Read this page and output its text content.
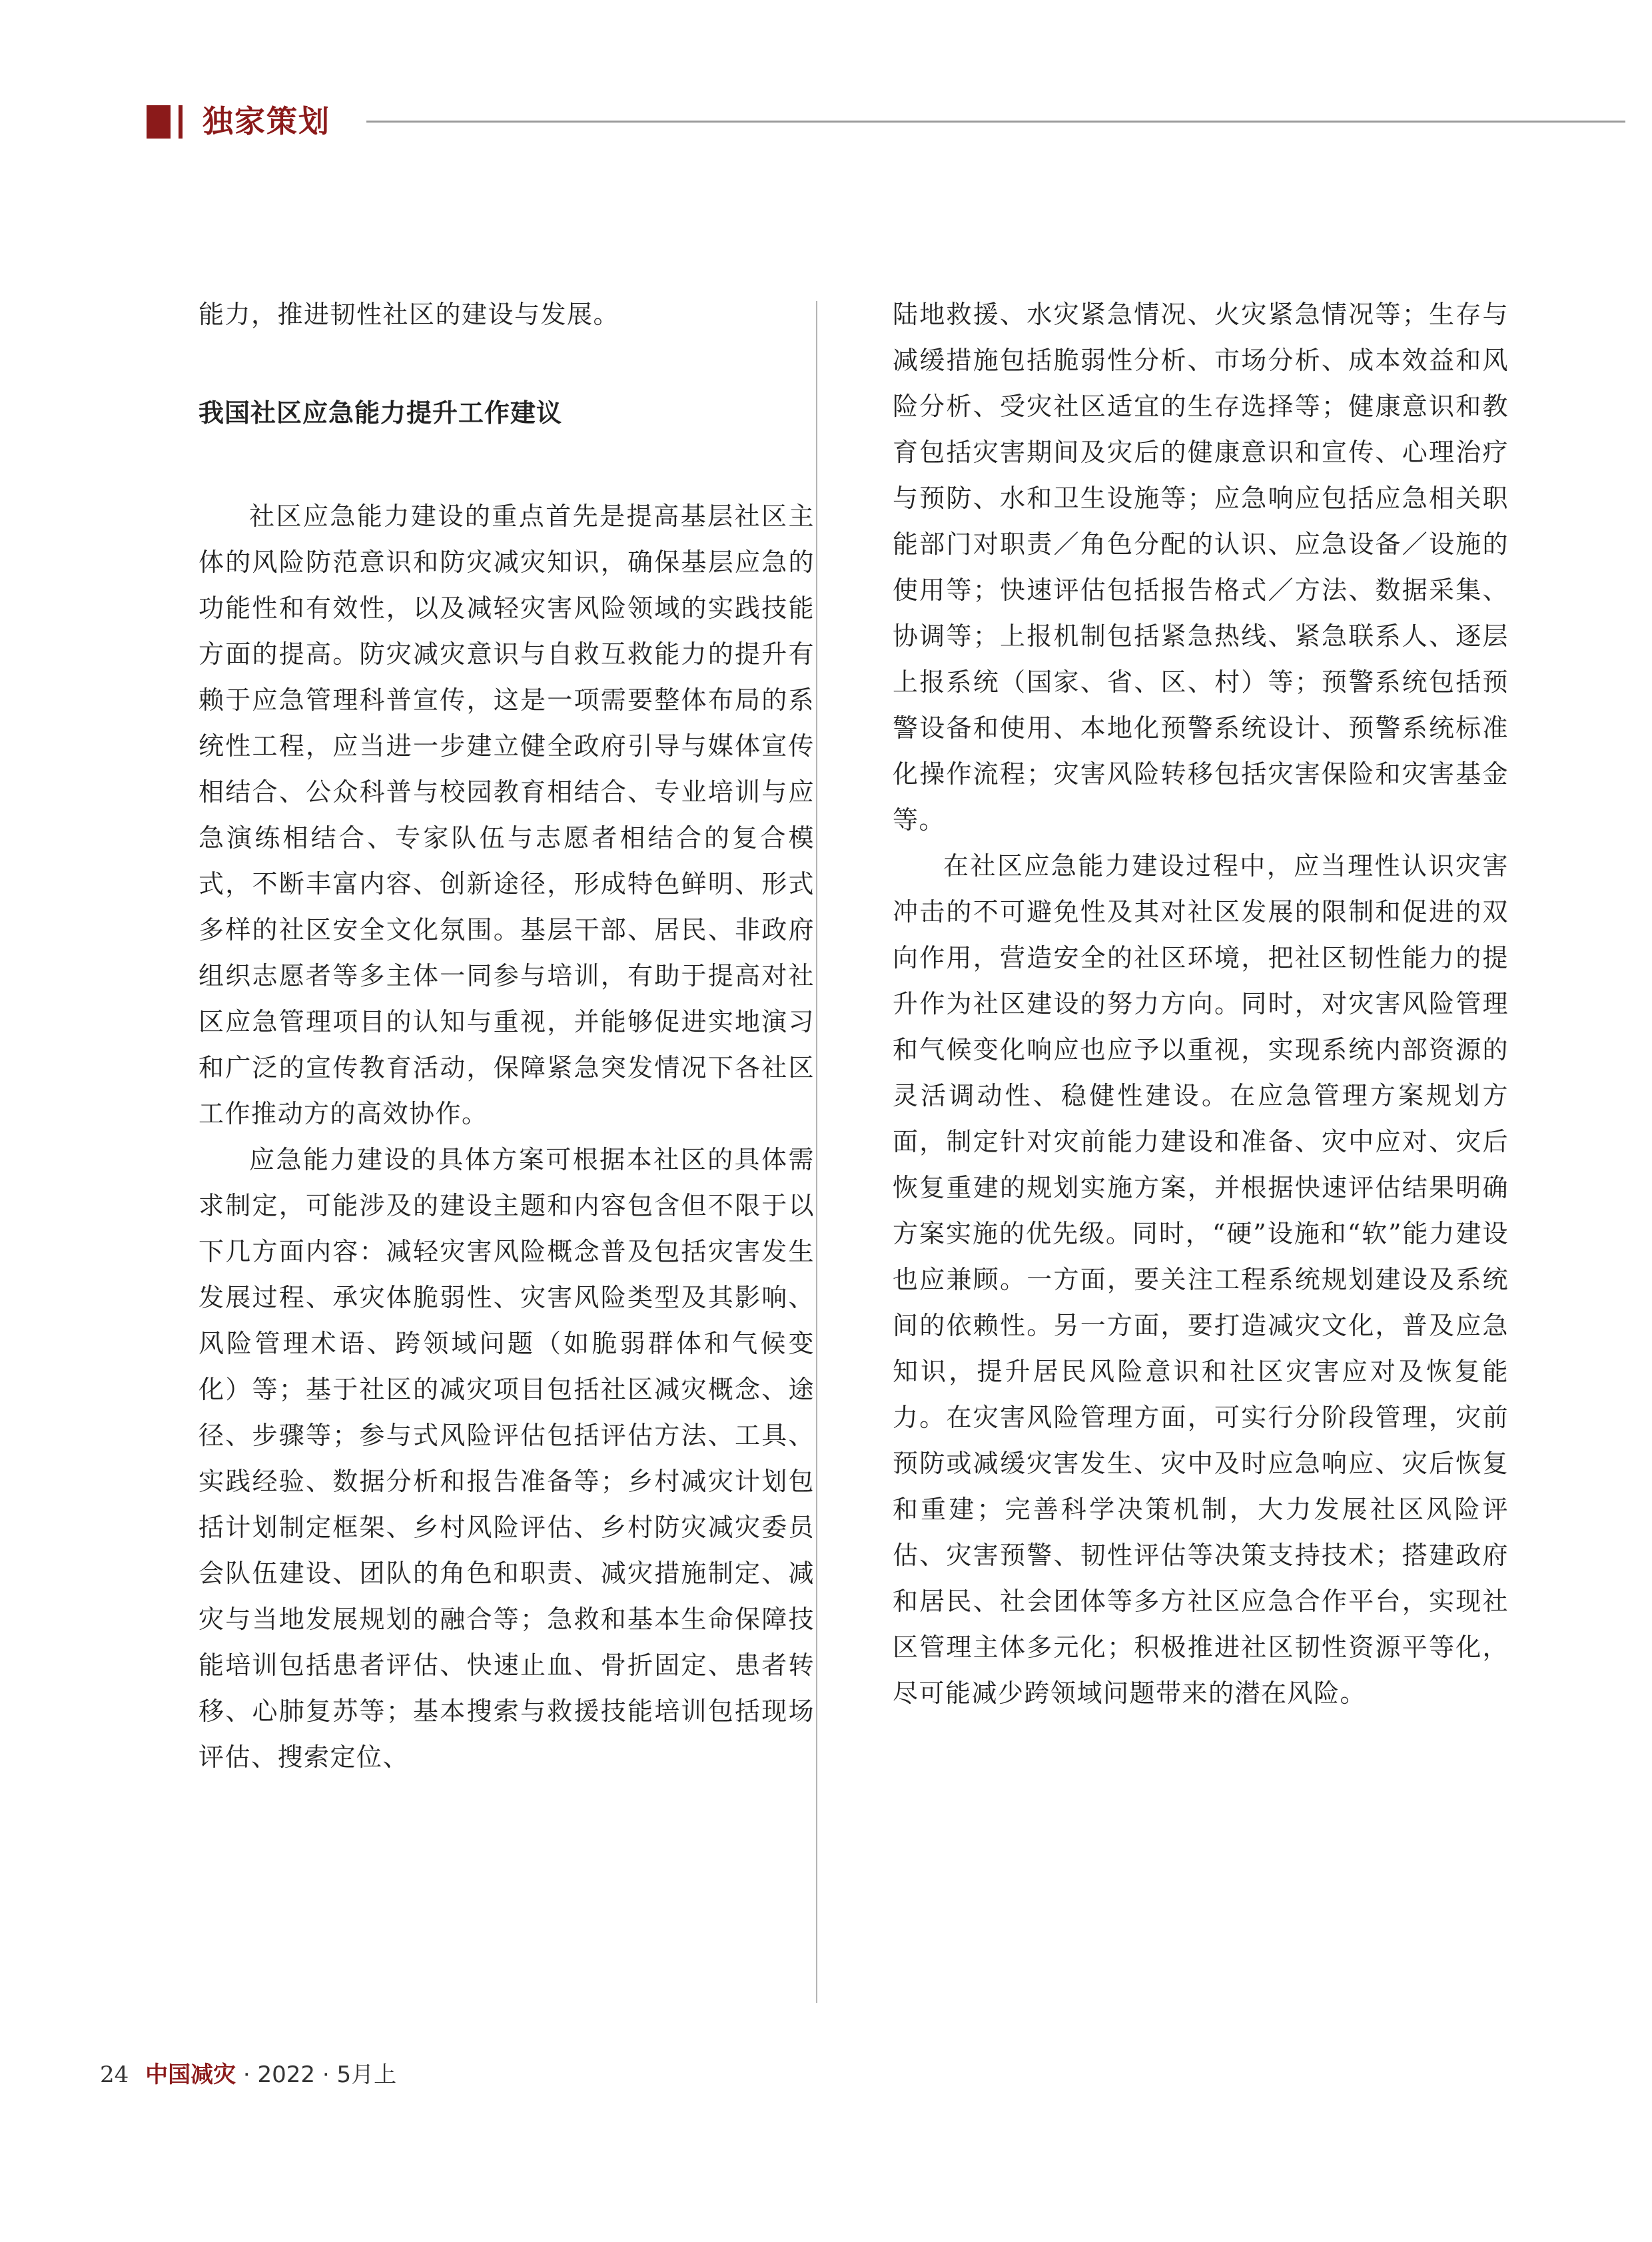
独家策划

能力，推进韧性社区的建设与发展。

我国社区应急能力提升工作建议

社区应急能力建设的重点首先是提高基层社区主体的风险防范意识和防灾减灾知识，确保基层应急的功能性和有效性，以及减轻灾害风险领域的实践技能方面的提高。防灾减灾意识与自救互救能力的提升有赖于应急管理科普宣传，这是一项需要整体布局的系统性工程，应当进一步建立健全政府引导与媒体宣传相结合、公众科普与校园教育相结合、专业培训与应急演练相结合、专家队伍与志愿者相结合的复合模式，不断丰富内容、创新途径，形成特色鲜明、形式多样的社区安全文化氛围。基层干部、居民、非政府组织志愿者等多主体一同参与培训，有助于提高对社区应急管理项目的认知与重视，并能够促进实地演习和广泛的宣传教育活动，保障紧急突发情况下各社区工作推动方的高效协作。

应急能力建设的具体方案可根据本社区的具体需求制定，可能涉及的建设主题和内容包含但不限于以下几方面内容：减轻灾害风险概念普及包括灾害发生发展过程、承灾体脆弱性、灾害风险类型及其影响、风险管理术语、跨领域问题（如脆弱群体和气候变化）等；基于社区的减灾项目包括社区减灾概念、途径、步骤等；参与式风险评估包括评估方法、工具、实践经验、数据分析和报告准备等；乡村减灾计划包括计划制定框架、乡村风险评估、乡村防灾减灾委员会队伍建设、团队的角色和职责、减灾措施制定、减灾与当地发展规划的融合等；急救和基本生命保障技能培训包括患者评估、快速止血、骨折固定、患者转移、心肺复苏等；基本搜索与救援技能培训包括现场评估、搜索定位、

陆地救援、水灾紧急情况、火灾紧急情况等；生存与减缓措施包括脆弱性分析、市场分析、成本效益和风险分析、受灾社区适宜的生存选择等；健康意识和教育包括灾害期间及灾后的健康意识和宣传、心理治疗与预防、水和卫生设施等；应急响应包括应急相关职能部门对职责／角色分配的认识、应急设备／设施的使用等；快速评估包括报告格式／方法、数据采集、协调等；上报机制包括紧急热线、紧急联系人、逐层上报系统（国家、省、区、村）等；预警系统包括预警设备和使用、本地化预警系统设计、预警系统标准化操作流程；灾害风险转移包括灾害保险和灾害基金等。

在社区应急能力建设过程中，应当理性认识灾害冲击的不可避免性及其对社区发展的限制和促进的双向作用，营造安全的社区环境，把社区韧性能力的提升作为社区建设的努力方向。同时，对灾害风险管理和气候变化响应也应予以重视，实现系统内部资源的灵活调动性、稳健性建设。在应急管理方案规划方面，制定针对灾前能力建设和准备、灾中应对、灾后恢复重建的规划实施方案，并根据快速评估结果明确方案实施的优先级。同时，“硬”设施和“软”能力建设也应兼顾。一方面，要关注工程系统规划建设及系统间的依赖性。另一方面，要打造减灾文化，普及应急知识，提升居民风险意识和社区灾害应对及恢复能力。在灾害风险管理方面，可实行分阶段管理，灾前预防或减缓灾害发生、灾中及时应急响应、灾后恢复和重建；完善科学决策机制，大力发展社区风险评估、灾害预警、韧性评估等决策支持技术；搭建政府和居民、社会团体等多方社区应急合作平台，实现社区管理主体多元化；积极推进社区韧性资源平等化，尽可能减少跨领域问题带来的潜在风险。

24 中国减灾 · 2022 · 5月上
